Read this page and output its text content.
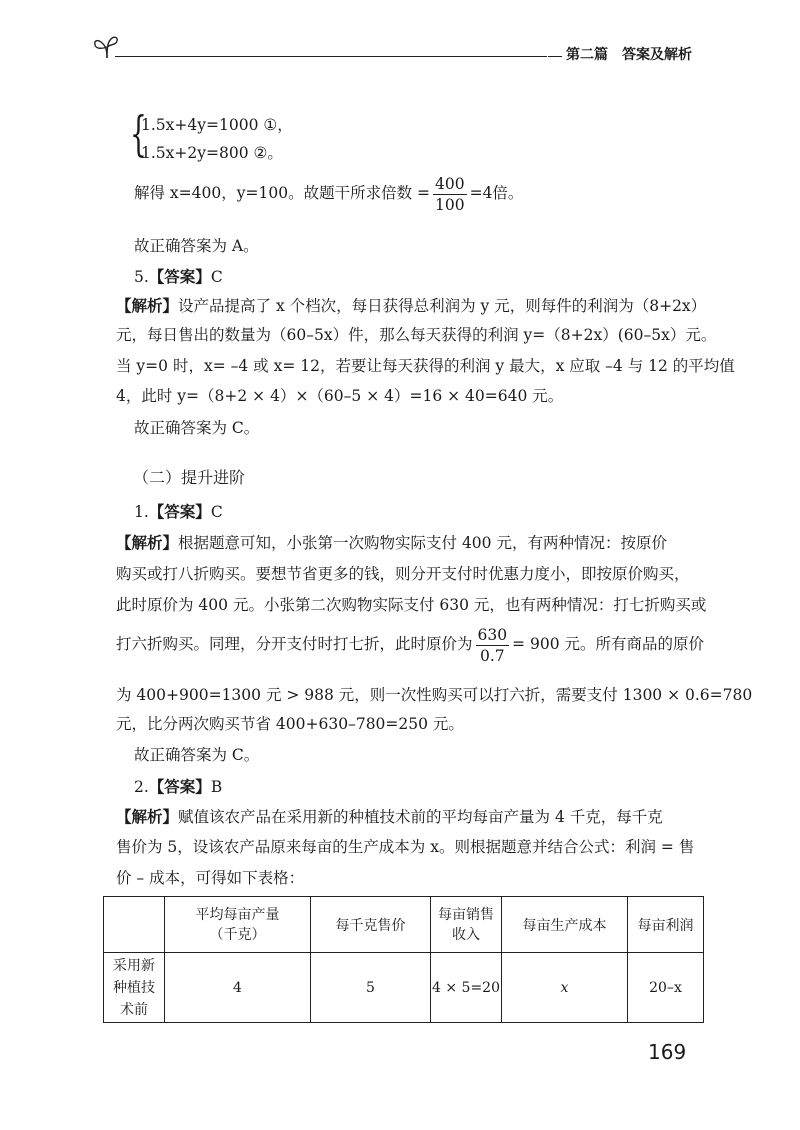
第二篇　答案及解析
{
1.5x+4y=1000 ①，
1.5x+2y=800 ②。
解得 x=400，y=100。故题干所求倍数 = $\frac{400}{100} =4$倍。
故正确答案为 A。
5.【答案】C
【解析】设产品提高了 x 个档次，每日获得总利润为 y 元，则每件的利润为（8+2x）
元，每日售出的数量为（60–5x）件，那么每天获得的利润 y=（8+2x）(60–5x）元。
当 y=0 时，x= –4 或 x= 12，若要让每天获得的利润 y 最大，x 应取 –4 与 12 的平均值
4，此时 y=（8+2 × 4）×（60–5 × 4）=16 × 40=640 元。
故正确答案为 C。
（二）提升进阶
1.【答案】C
【解析】根据题意可知，小张第一次购物实际支付 400 元，有两种情况：按原价
购买或打八折购买。要想节省更多的钱，则分开支付时优惠力度小，即按原价购买，
此时原价为 400 元。小张第二次购物实际支付 630 元，也有两种情况：打七折购买或
打六折购买。同理，分开支付时打七折，此时原价为 $\frac{630}{0.7} = 900$ 元。所有商品的原价
为 400+900=1300 元 > 988 元，则一次性购买可以打六折，需要支付 1300 × 0.6=780
元，比分两次购买节省 400+630–780=250 元。
故正确答案为 C。
2.【答案】B
【解析】赋值该农产品在采用新的种植技术前的平均每亩产量为 4 千克，每千克
售价为 5，设该农产品原来每亩的生产成本为 x。则根据题意并结合公式：利润 = 售
价 – 成本，可得如下表格：
	平均每亩产量（千克）	每千克售价	每亩销售收入	每亩生产成本	每亩利润
采用新种植技术前	4	5	4 × 5=20	x	20–x
169
